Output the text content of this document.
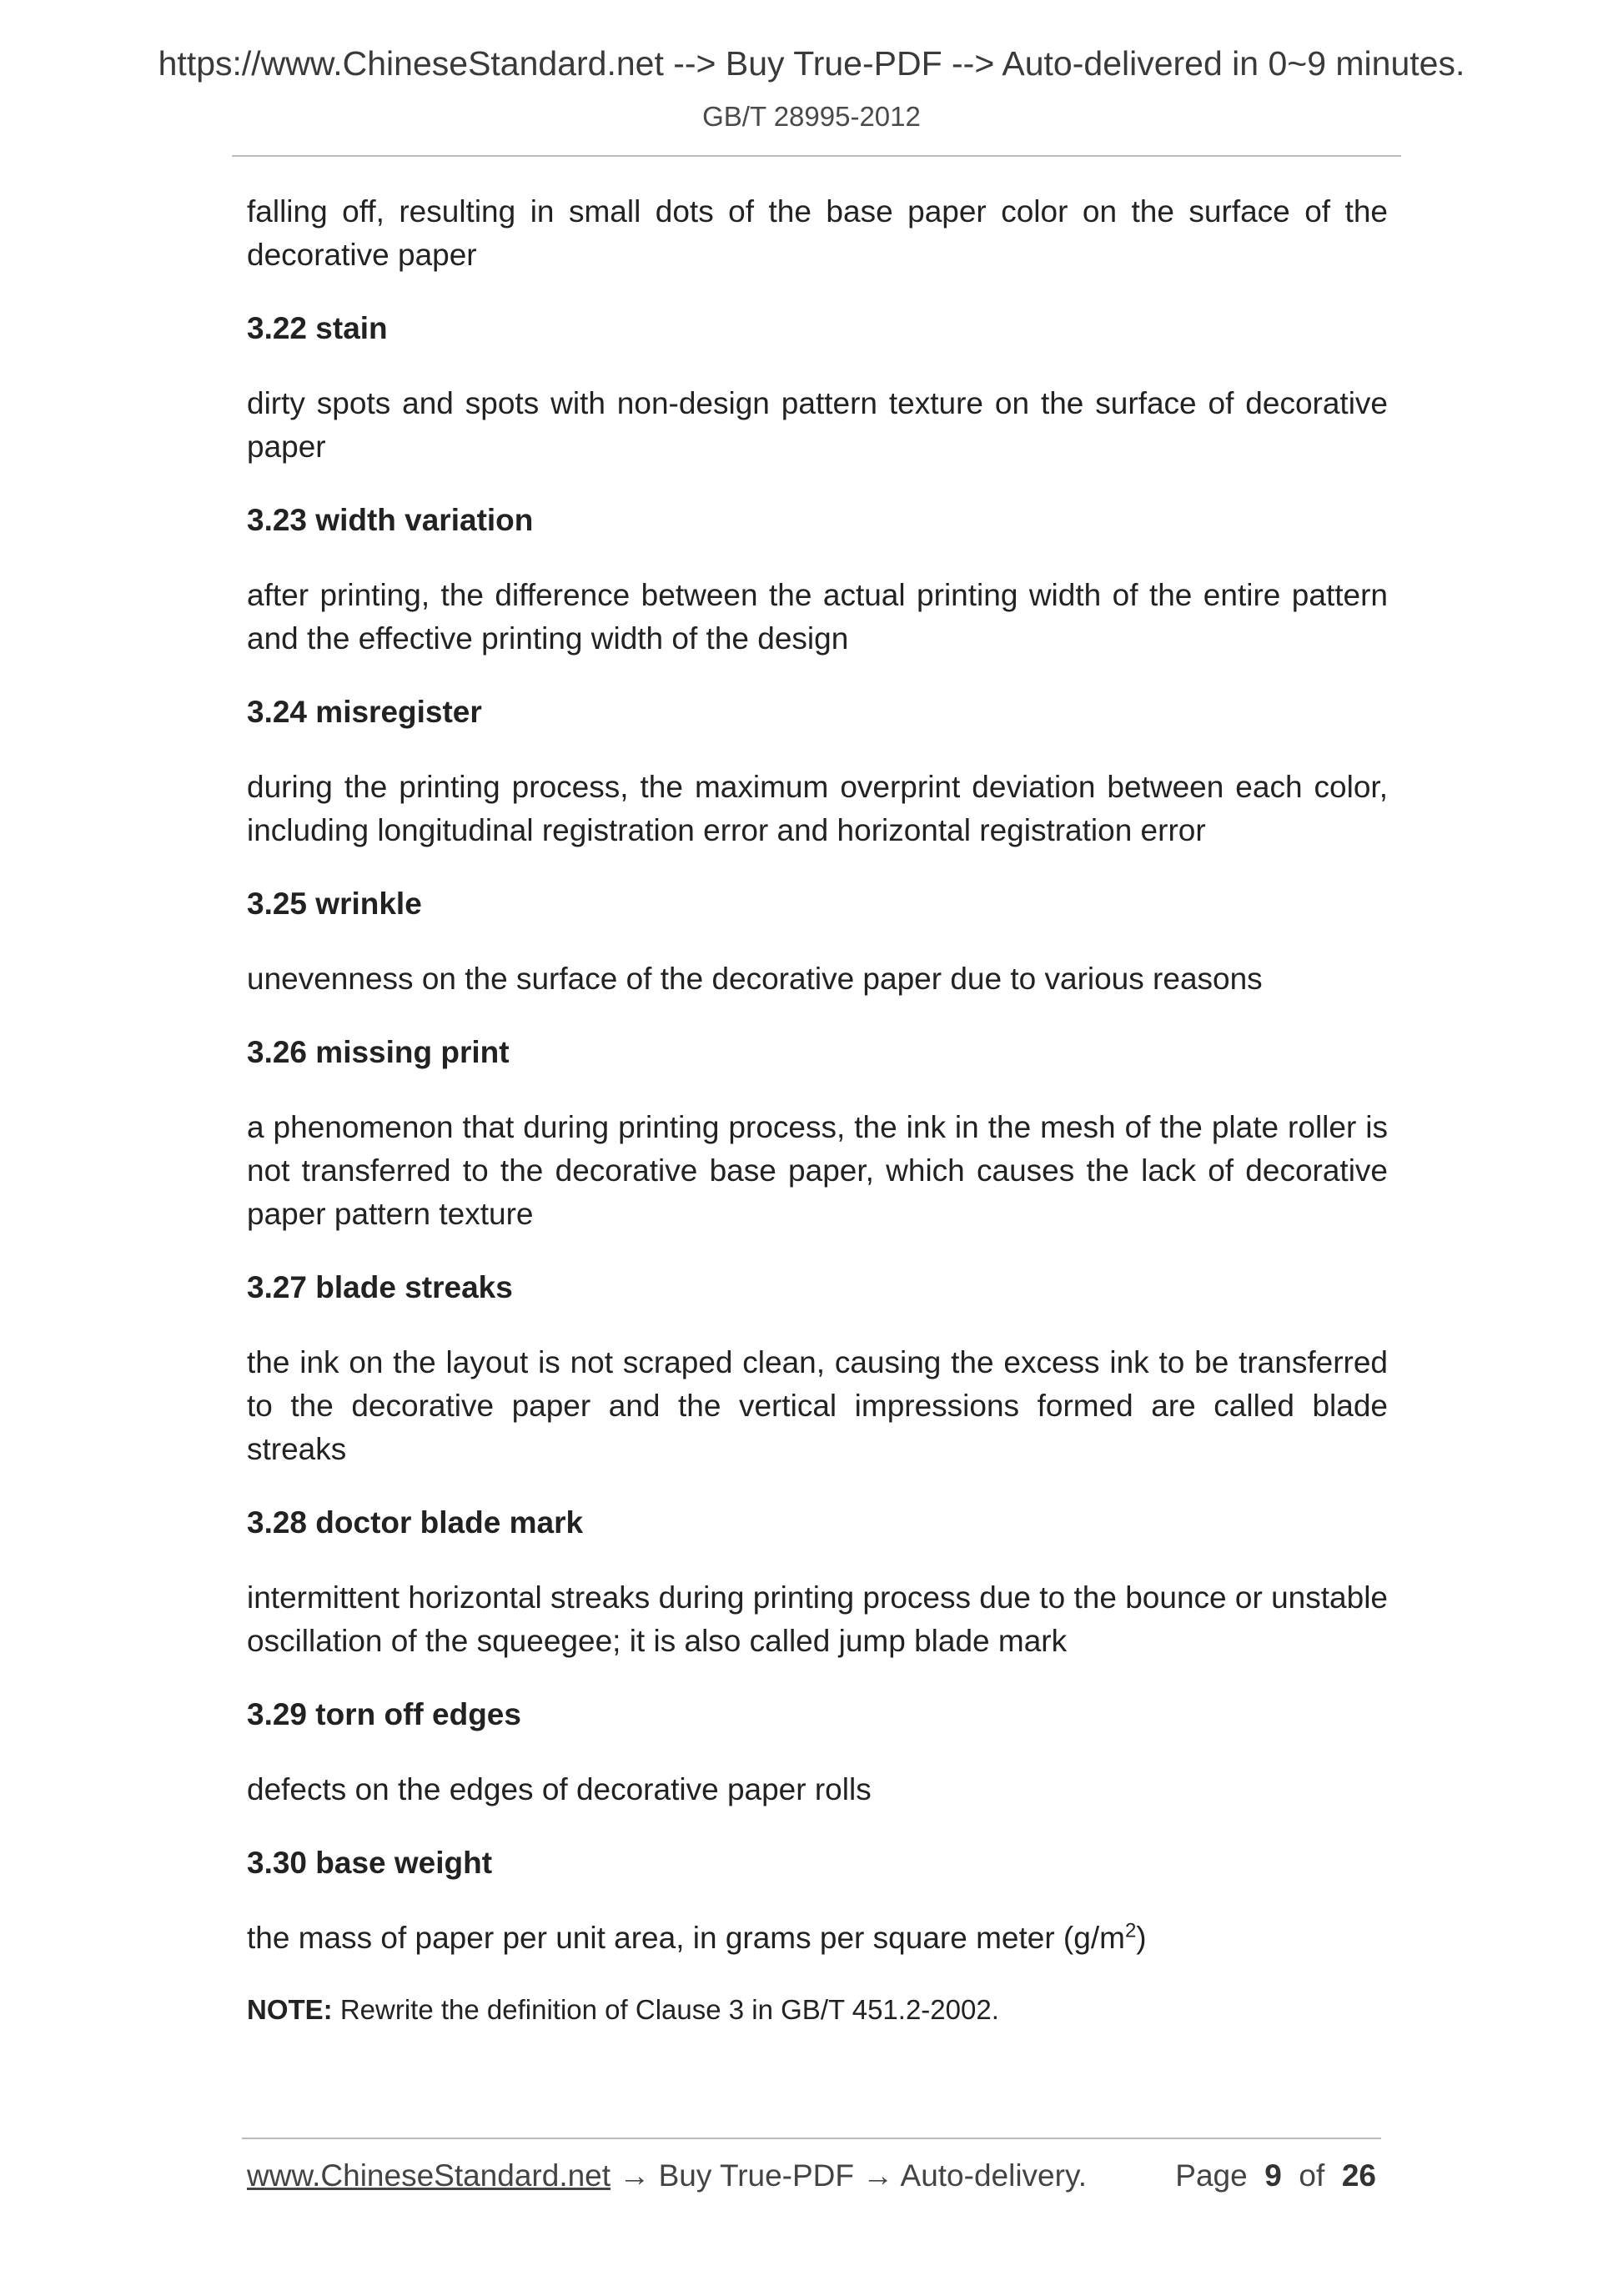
https://www.ChineseStandard.net --> Buy True-PDF --> Auto-delivered in 0~9 minutes.
GB/T 28995-2012

falling off, resulting in small dots of the base paper color on the surface of the decorative paper

3.22 stain

dirty spots and spots with non-design pattern texture on the surface of decorative paper

3.23 width variation

after printing, the difference between the actual printing width of the entire pattern and the effective printing width of the design

3.24 misregister

during the printing process, the maximum overprint deviation between each color, including longitudinal registration error and horizontal registration error

3.25 wrinkle

unevenness on the surface of the decorative paper due to various reasons

3.26 missing print

a phenomenon that during printing process, the ink in the mesh of the plate roller is not transferred to the decorative base paper, which causes the lack of decorative paper pattern texture

3.27 blade streaks

the ink on the layout is not scraped clean, causing the excess ink to be transferred to the decorative paper and the vertical impressions formed are called blade streaks

3.28 doctor blade mark

intermittent horizontal streaks during printing process due to the bounce or unstable oscillation of the squeegee; it is also called jump blade mark

3.29 torn off edges

defects on the edges of decorative paper rolls

3.30 base weight

the mass of paper per unit area, in grams per square meter $(g/m^2)$

NOTE: Rewrite the definition of Clause 3 in GB/T 451.2-2002.

www.ChineseStandard.net → Buy True-PDF → Auto-delivery.	Page 9 of 26
